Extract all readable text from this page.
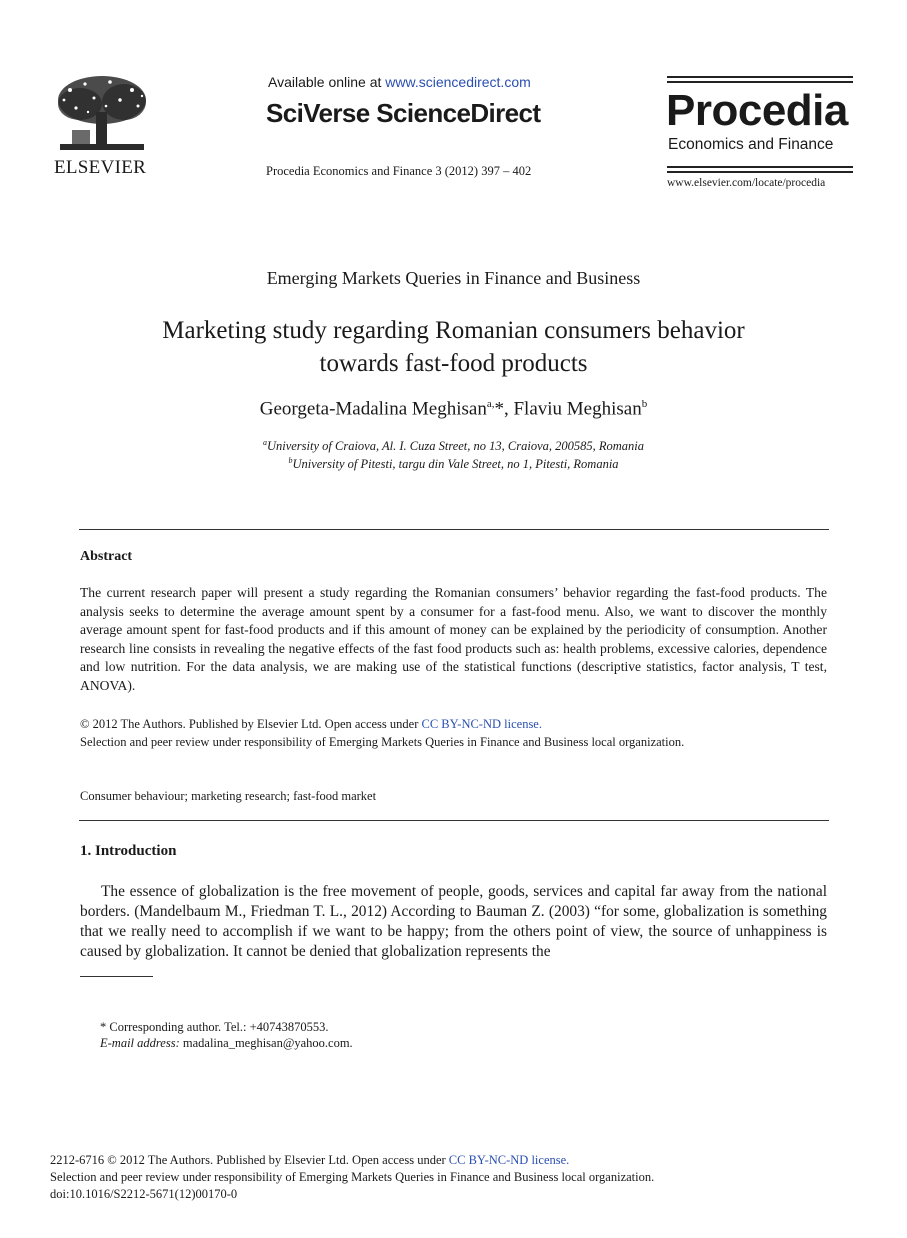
ELSEVIER
Available online at www.sciencedirect.com
SciVerse ScienceDirect
Procedia Economics and Finance 3 (2012) 397 – 402
Procedia
Economics and Finance
www.elsevier.com/locate/procedia
Emerging Markets Queries in Finance and Business
Marketing study regarding Romanian consumers behavior
towards fast-food products
Georgeta-Madalina Meghisan$^{a,}$*, Flaviu Meghisan$^b$
$^a$University of Craiova, Al. I. Cuza Street, no 13, Craiova, 200585, Romania
$^b$University of Pitesti, targu din Vale Street, no 1, Pitesti, Romania
Abstract
The current research paper will present a study regarding the Romanian consumers’ behavior regarding the fast-food products. The analysis seeks to determine the average amount spent by a consumer for a fast-food menu. Also, we want to discover the monthly average amount spent for fast-food products and if this amount of money can be explained by the periodicity of consumption. Another research line consists in revealing the negative effects of the fast food products such as: health problems, excessive calories, dependence and low nutrition. For the data analysis, we are making use of the statistical functions (descriptive statistics, factor analysis, T test, ANOVA).
© 2012 The Authors. Published by Elsevier Ltd. Open access under CC BY-NC-ND license.
Selection and peer review under responsibility of Emerging Markets Queries in Finance and Business local organization.
Consumer behaviour; marketing research; fast-food market
1. Introduction
The essence of globalization is the free movement of people, goods, services and capital far away from the national borders. (Mandelbaum M., Friedman T. L., 2012) According to Bauman Z. (2003) “for some, globalization is something that we really need to accomplish if we want to be happy; from the others point of view, the source of unhappiness is caused by globalization. It cannot be denied that globalization represents the
* Corresponding author. Tel.: +40743870553.
E-mail address: madalina_meghisan@yahoo.com.
2212-6716 © 2012 The Authors. Published by Elsevier Ltd. Open access under CC BY-NC-ND license.
Selection and peer review under responsibility of Emerging Markets Queries in Finance and Business local organization.
doi:10.1016/S2212-5671(12)00170-0
